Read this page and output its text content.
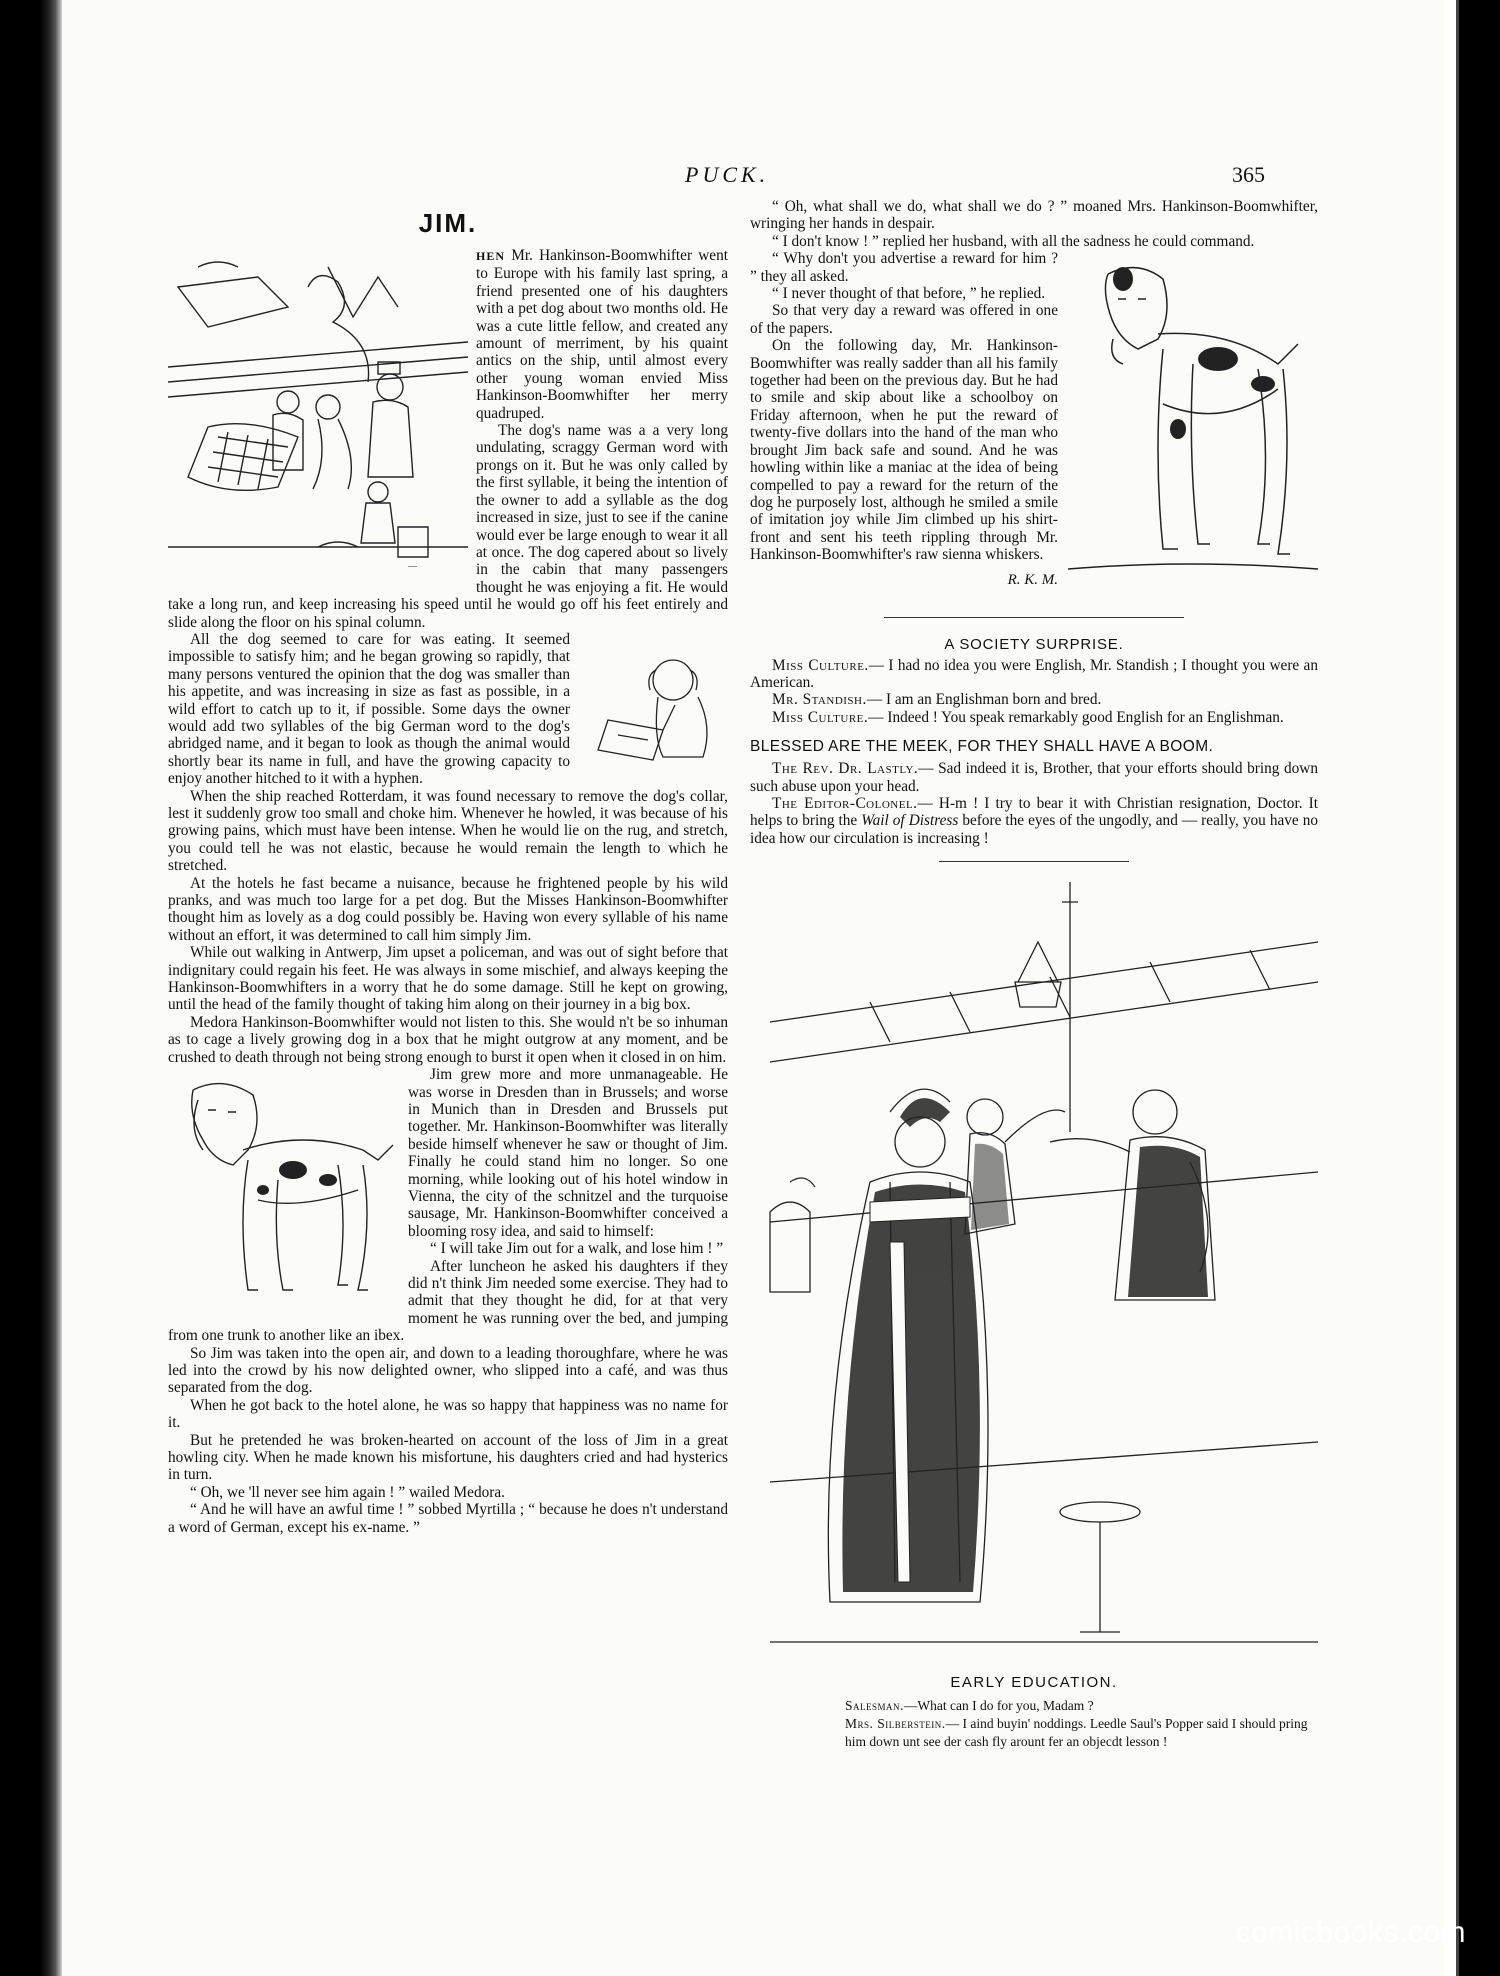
PUCK.	365
JIM.
—

HEN Mr. Hankinson-Boomwhifter went to Europe with his family last spring, a friend presented one of his daughters with a pet dog about two months old. He was a cute little fellow, and created any amount of merriment, by his quaint antics on the ship, until almost every other young woman envied Miss Hankinson-Boomwhifter her merry quadruped.

The dog's name was a a very long undulating, scraggy German word with prongs on it. But he was only called by the first syllable, it being the intention of the owner to add a syllable as the dog increased in size, just to see if the canine would ever be large enough to wear it all at once. The dog capered about so lively in the cabin that many passengers thought he was enjoying a fit. He would take a long run, and keep increasing his speed until he would go off his feet entirely and slide along the floor on his spinal column.

All the dog seemed to care for was eating. It seemed impossible to satisfy him; and he began growing so rapidly, that many persons ventured the opinion that the dog was smaller than his appetite, and was increasing in size as fast as possible, in a wild effort to catch up to it, if possible. Some days the owner would add two syllables of the big German word to the dog's abridged name, and it began to look as though the animal would shortly bear its name in full, and have the growing capacity to enjoy another hitched to it with a hyphen.

When the ship reached Rotterdam, it was found necessary to remove the dog's collar, lest it suddenly grow too small and choke him. Whenever he howled, it was because of his growing pains, which must have been intense. When he would lie on the rug, and stretch, you could tell he was not elastic, because he would remain the length to which he stretched.

At the hotels he fast became a nuisance, because he frightened people by his wild pranks, and was much too large for a pet dog. But the Misses Hankinson-Boomwhifter thought him as lovely as a dog could possibly be. Having won every syllable of his name without an effort, it was determined to call him simply Jim.

While out walking in Antwerp, Jim upset a policeman, and was out of sight before that indignitary could regain his feet. He was always in some mischief, and always keeping the Hankinson-Boomwhifters in a worry that he do some damage. Still he kept on growing, until the head of the family thought of taking him along on their journey in a big box.

Medora Hankinson-Boomwhifter would not listen to this. She would n't be so inhuman as to cage a lively growing dog in a box that he might outgrow at any moment, and be crushed to death through not being strong enough to burst it open when it closed in on him.

Jim grew more and more unmanageable. He was worse in Dresden than in Brussels; and worse in Munich than in Dresden and Brussels put together. Mr. Hankinson-Boomwhifter was literally beside himself whenever he saw or thought of Jim. Finally he could stand him no longer. So one morning, while looking out of his hotel window in Vienna, the city of the schnitzel and the turquoise sausage, Mr. Hankinson-Boomwhifter conceived a blooming rosy idea, and said to himself:

“ I will take Jim out for a walk, and lose him ! ”

After luncheon he asked his daughters if they did n't think Jim needed some exercise. They had to admit that they thought he did, for at that very moment he was running over the bed, and jumping from one trunk to another like an ibex.

So Jim was taken into the open air, and down to a leading thoroughfare, where he was led into the crowd by his now delighted owner, who slipped into a café, and was thus separated from the dog.

When he got back to the hotel alone, he was so happy that happiness was no name for it.

But he pretended he was broken-hearted on account of the loss of Jim in a great howling city. When he made known his misfortune, his daughters cried and had hysterics in turn.

“ Oh, we 'll never see him again ! ” wailed Medora.

“ And he will have an awful time ! ” sobbed Myrtilla ; “ because he does n't understand a word of German, except his ex-name. ”

“ Oh, what shall we do, what shall we do ? ” moaned Mrs. Hankinson-Boomwhifter, wringing her hands in despair.

“ I don't know ! ” replied her husband, with all the sadness he could command.

“ Why don't you advertise a reward for him ? ” they all asked.

“ I never thought of that before, ” he replied.

So that very day a reward was offered in one of the papers.

On the following day, Mr. Hankinson-Boomwhifter was really sadder than all his family together had been on the previous day. But he had to smile and skip about like a schoolboy on Friday afternoon, when he put the reward of twenty-five dollars into the hand of the man who brought Jim back safe and sound. And he was howling within like a maniac at the idea of being compelled to pay a reward for the return of the dog he purposely lost, although he smiled a smile of imitation joy while Jim climbed up his shirt-front and sent his teeth rippling through Mr. Hankinson-Boomwhifter's raw sienna whiskers.

R. K. M.
A SOCIETY SURPRISE.

Miss Culture.— I had no idea you were English, Mr. Standish ; I thought you were an American.

Mr. Standish.— I am an Englishman born and bred.

Miss Culture.— Indeed ! You speak remarkably good English for an Englishman.

BLESSED ARE THE MEEK, FOR THEY SHALL HAVE A BOOM.

The Rev. Dr. Lastly.— Sad indeed it is, Brother, that your efforts should bring down such abuse upon your head.

The Editor-Colonel.— H-m ! I try to bear it with Christian resignation, Doctor. It helps to bring the Wail of Distress before the eyes of the ungodly, and — really, you have no idea how our circulation is increasing !

EARLY EDUCATION.
Salesman.—What can I do for you, Madam ?
Mrs. Silberstein.— I aind buyin' noddings. Leedle Saul's Popper said I should pring him down unt see der cash fly arount fer an objecdt lesson !
comicbooks.com
